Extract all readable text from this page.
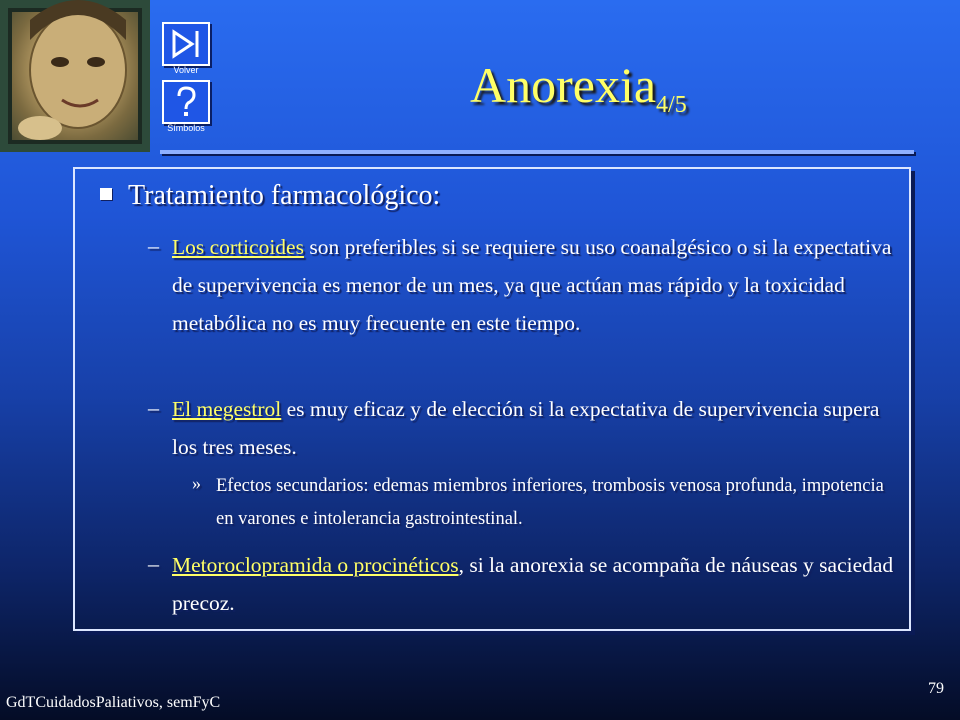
Volver
Símbolos
Anorexia$_{4/5}$
Tratamiento farmacológico:
– Los corticoides son preferibles si se requiere su uso coanalgésico o si la expectativa de supervivencia es menor de un mes, ya que actúan mas rápido y la toxicidad metabólica no es muy frecuente en este tiempo.
– El megestrol es muy eficaz y de elección si la expectativa de supervivencia supera los tres meses.
» Efectos secundarios: edemas miembros inferiores, trombosis venosa profunda, impotencia en varones e intolerancia gastrointestinal.
– Metoroclopramida o procinéticos, si la anorexia se acompaña de náuseas y saciedad precoz.
GdTCuidadosPaliativos, semFyC
79
